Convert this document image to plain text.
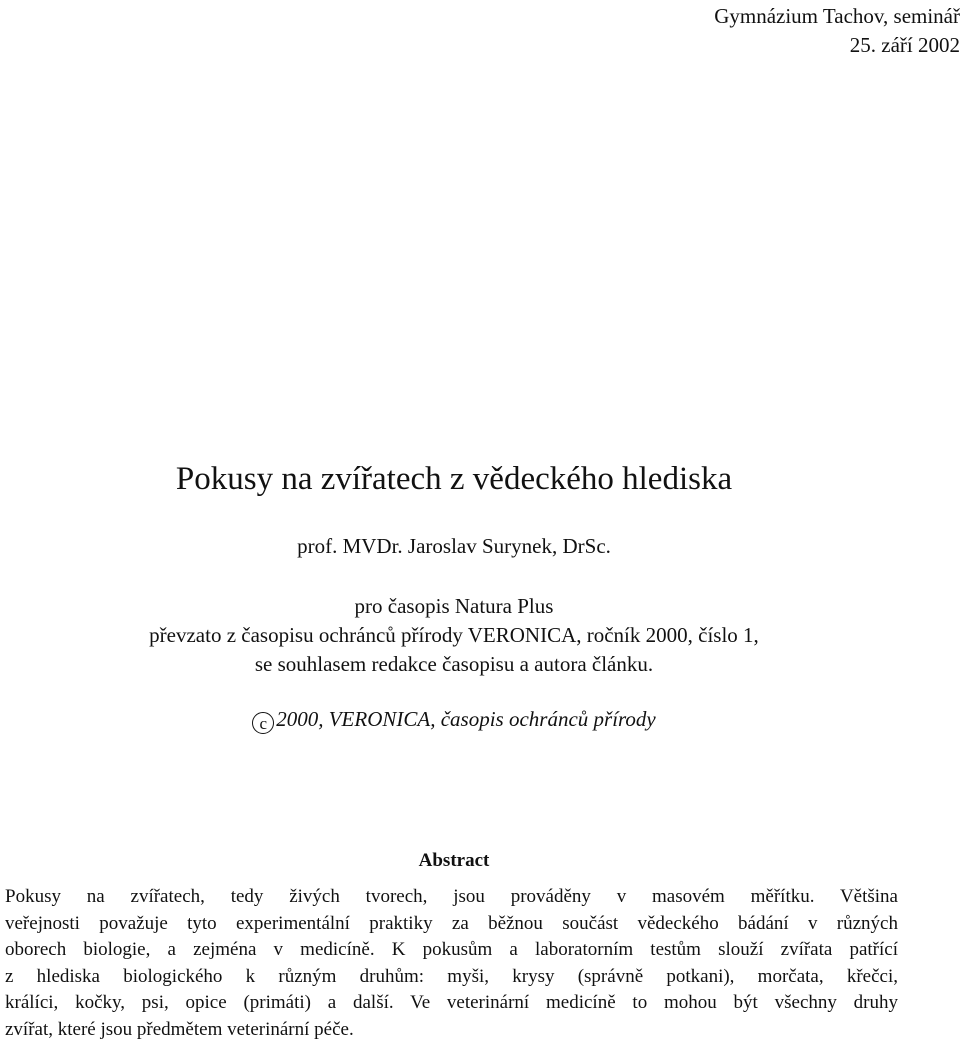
Gymnázium Tachov, seminář
25. září 2002
Pokusy na zvířatech z vědeckého hlediska
prof. MVDr. Jaroslav Surynek, DrSc.
pro časopis Natura Plus
převzato z časopisu ochránců přírody VERONICA, ročník 2000, číslo 1,
se souhlasem redakce časopisu a autora článku.
c 2000, VERONICA, časopis ochránců přírody
Abstract
Pokusy na zvířatech, tedy živých tvorech, jsou prováděny v masovém měřítku. Většina
veřejnosti považuje tyto experimentální praktiky za běžnou součást vědeckého bádání v různých
oborech biologie, a zejména v medicíně. K pokusům a laboratorním testům slouží zvířata patřící
z hlediska biologického k různým druhům: myši, krysy (správně potkani), morčata, křečci,
králíci, kočky, psi, opice (primáti) a další. Ve veterinární medicíně to mohou být všechny druhy
zvířat, které jsou předmětem veterinární péče.
